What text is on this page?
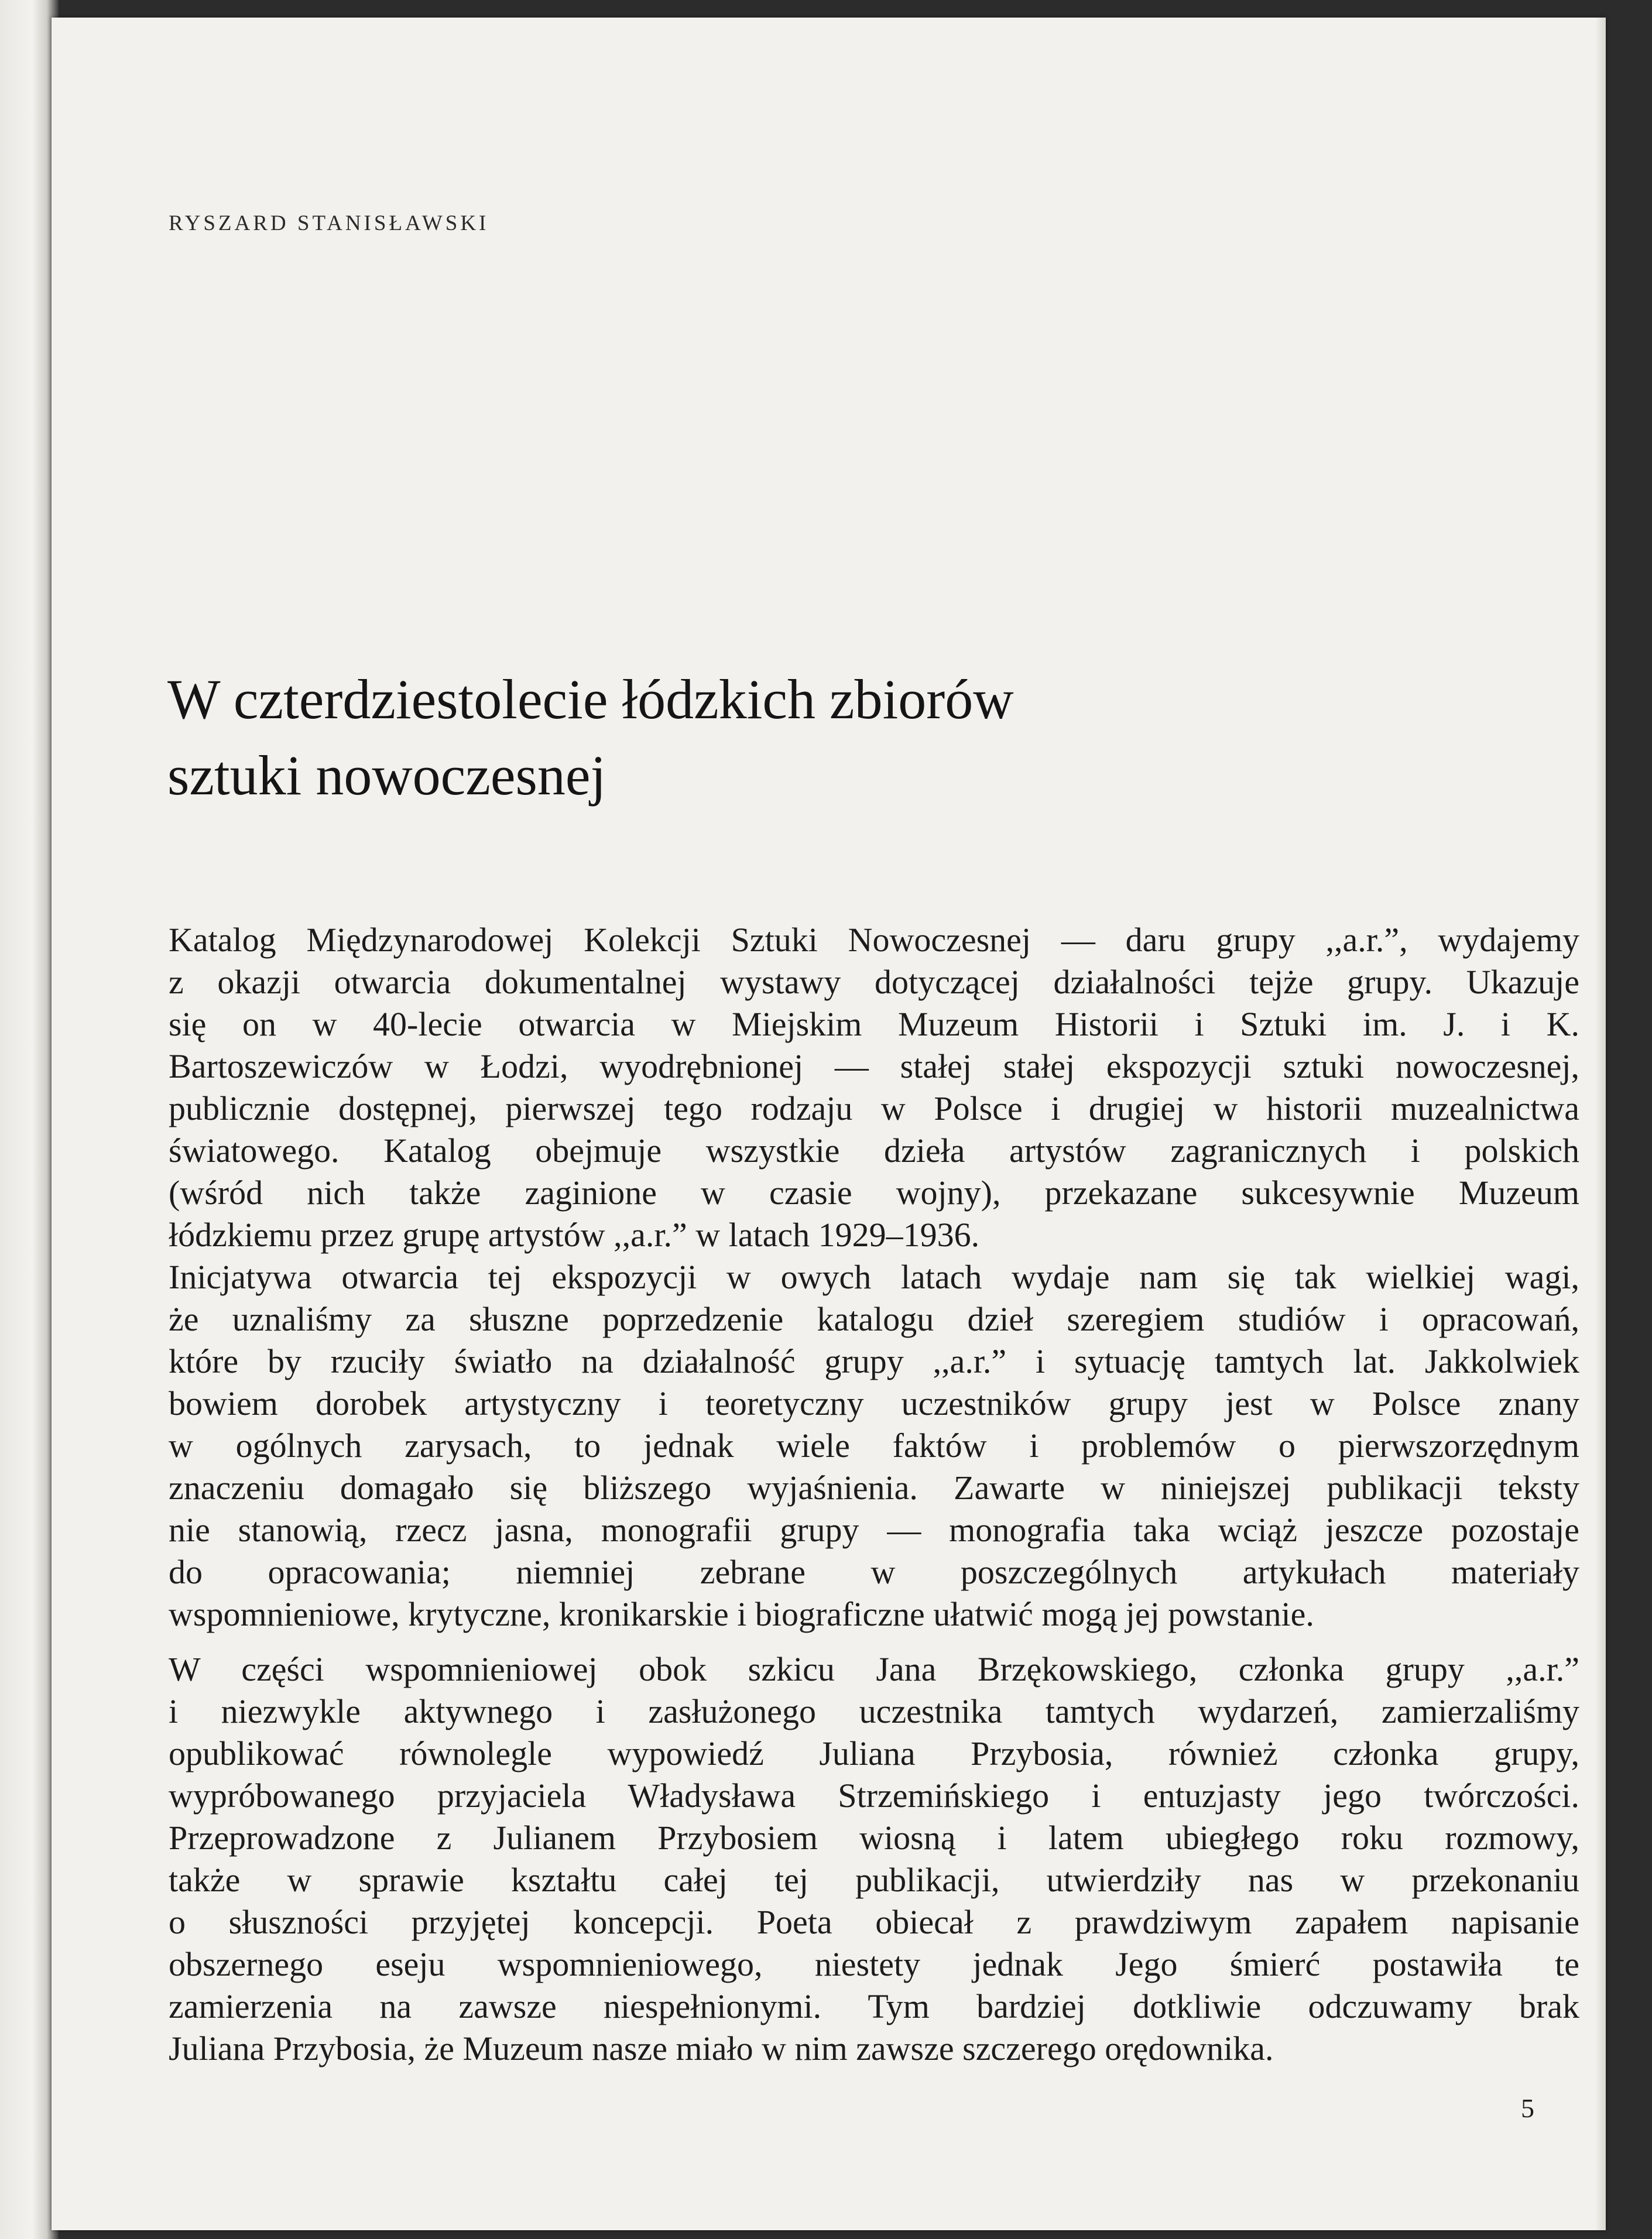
RYSZARD STANISŁAWSKI
W czterdziestolecie łódzkich zbiorów
sztuki nowoczesnej
Katalog Międzynarodowej Kolekcji Sztuki Nowoczesnej — daru grupy ,,a.r.”, wydajemy
z okazji otwarcia dokumentalnej wystawy dotyczącej działalności tejże grupy. Ukazuje
się on w 40-lecie otwarcia w Miejskim Muzeum Historii i Sztuki im. J. i K.
Bartoszewiczów w Łodzi, wyodrębnionej — stałej stałej ekspozycji sztuki nowoczesnej,
publicznie dostępnej, pierwszej tego rodzaju w Polsce i drugiej w historii muzealnictwa
światowego. Katalog obejmuje wszystkie dzieła artystów zagranicznych i polskich
(wśród nich także zaginione w czasie wojny), przekazane sukcesywnie Muzeum
łódzkiemu przez grupę artystów ,,a.r.” w latach 1929–1936.
Inicjatywa otwarcia tej ekspozycji w owych latach wydaje nam się tak wielkiej wagi,
że uznaliśmy za słuszne poprzedzenie katalogu dzieł szeregiem studiów i opracowań,
które by rzuciły światło na działalność grupy ,,a.r.” i sytuację tamtych lat. Jakkolwiek
bowiem dorobek artystyczny i teoretyczny uczestników grupy jest w Polsce znany
w ogólnych zarysach, to jednak wiele faktów i problemów o pierwszorzędnym
znaczeniu domagało się bliższego wyjaśnienia. Zawarte w niniejszej publikacji teksty
nie stanowią, rzecz jasna, monografii grupy — monografia taka wciąż jeszcze pozostaje
do opracowania; niemniej zebrane w poszczególnych artykułach materiały
wspomnieniowe, krytyczne, kronikarskie i biograficzne ułatwić mogą jej powstanie.
W części wspomnieniowej obok szkicu Jana Brzękowskiego, członka grupy ,,a.r.”
i niezwykle aktywnego i zasłużonego uczestnika tamtych wydarzeń, zamierzaliśmy
opublikować równolegle wypowiedź Juliana Przybosia, również członka grupy,
wypróbowanego przyjaciela Władysława Strzemińskiego i entuzjasty jego twórczości.
Przeprowadzone z Julianem Przybosiem wiosną i latem ubiegłego roku rozmowy,
także w sprawie kształtu całej tej publikacji, utwierdziły nas w przekonaniu
o słuszności przyjętej koncepcji. Poeta obiecał z prawdziwym zapałem napisanie
obszernego eseju wspomnieniowego, niestety jednak Jego śmierć postawiła te
zamierzenia na zawsze niespełnionymi. Tym bardziej dotkliwie odczuwamy brak
Juliana Przybosia, że Muzeum nasze miało w nim zawsze szczerego orędownika.
5
